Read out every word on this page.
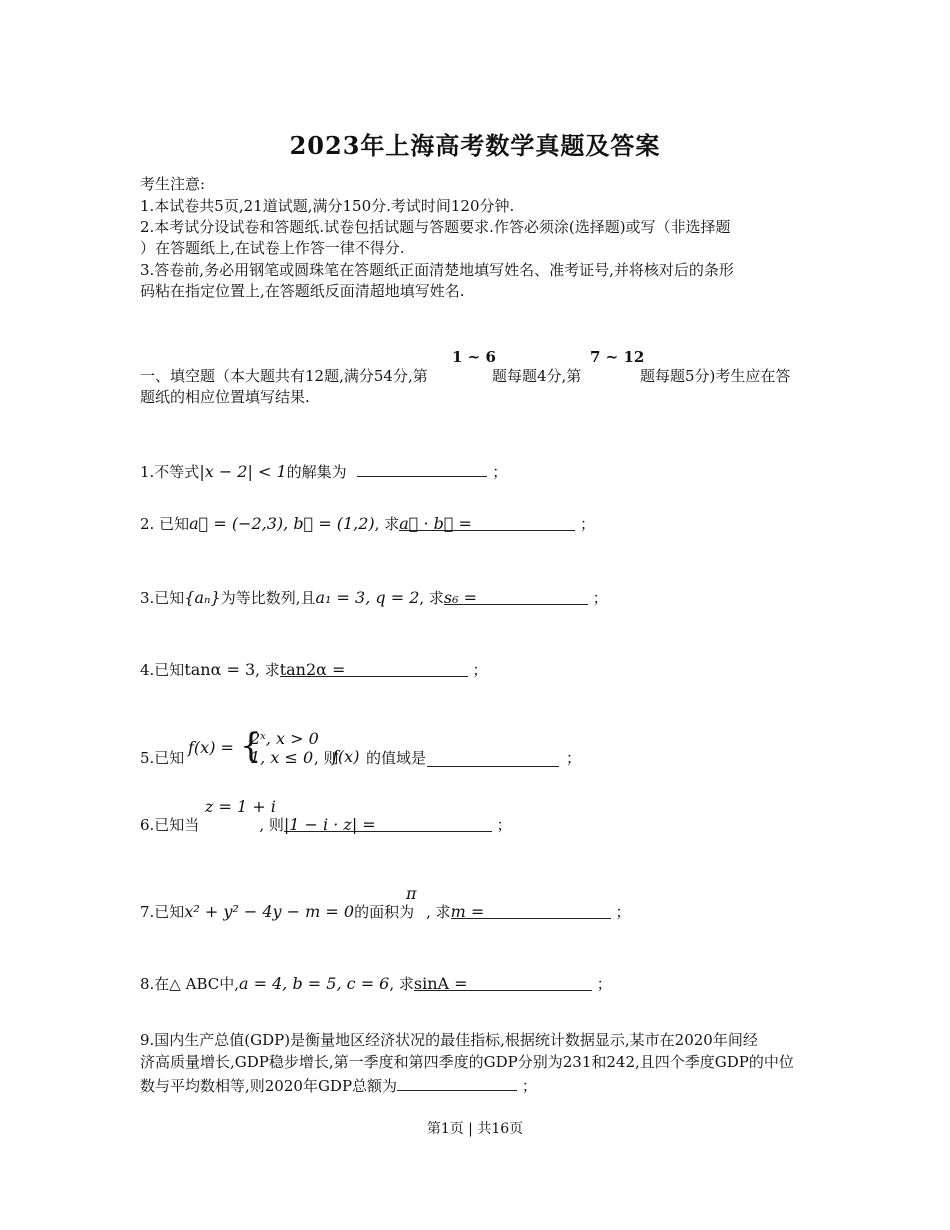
2023年上海高考数学真题及答案
考生注意:
1.本试卷共5页,21道试题,满分150分.考试时间120分钟.
2.本考试分设试卷和答题纸.试卷包括试题与答题要求.作答必须涂(选择题)或写（非选择题
）在答题纸上,在试卷上作答一律不得分.
3.答卷前,务必用钢笔或圆珠笔在答题纸正面清楚地填写姓名、准考证号,并将核对后的条形
码粘在指定位置上,在答题纸反面清超地填写姓名.
1 ~ 6	7 ~ 12
一、填空题（本大题共有12题,满分54分,第	题每题4分,第	题每题5分)考生应在答
题纸的相应位置填写结果.
1.不等式|x − 2| < 1的解集为	；
2. 已知a⃗ = (−2,3), b⃗ = (1,2), 求a⃗ · b⃗ =	；
3.已知{aₙ}为等比数列,且a₁ = 3, q = 2, 求s₆ =	；
4.已知tanα = 3, 求tan2α =	；
5.已知
f(x) = {
2ˣ, x > 0
1, x ≤ 0 , 则
f(x) 的值域是	；
z = 1 + i
6.已知当	, 则|1 − i · z| =	；
π
7.已知x² + y² − 4y − m = 0的面积为 , 求m =	；
8.在△ ABC中,a = 4, b = 5, c = 6, 求sinA =	；
9.国内生产总值(GDP)是衡量地区经济状况的最佳指标,根据统计数据显示,某市在2020年间经
济高质量增长,GDP稳步增长,第一季度和第四季度的GDP分别为231和242,且四个季度GDP的中位
数与平均数相等,则2020年GDP总额为	；
第1页 | 共16页
